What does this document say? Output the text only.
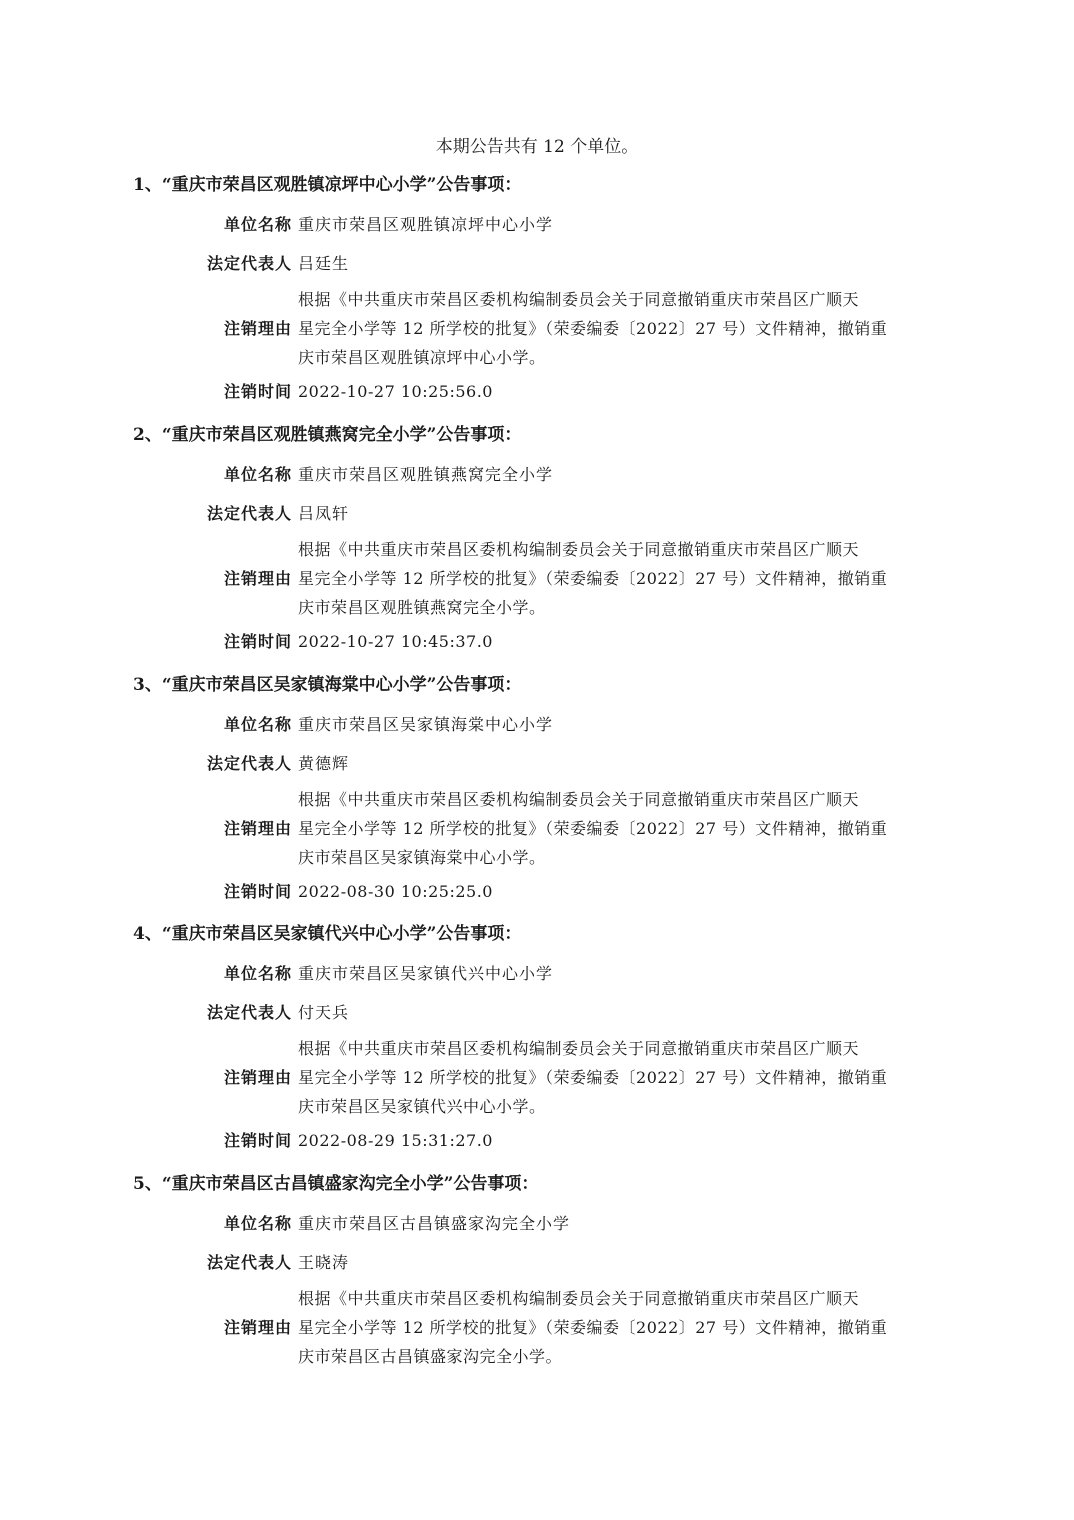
本期公告共有 12 个单位。
1、“重庆市荣昌区观胜镇凉坪中心小学”公告事项：
单位名称 重庆市荣昌区观胜镇凉坪中心小学
法定代表人 吕廷生
根据《中共重庆市荣昌区委机构编制委员会关于同意撤销重庆市荣昌区广顺天
星完全小学等 12 所学校的批复》（荣委编委〔2022〕27 号）文件精神，撤销重
庆市荣昌区观胜镇凉坪中心小学。
注销理由
注销时间 2022-10-27 10:25:56.0
2、“重庆市荣昌区观胜镇燕窝完全小学”公告事项：
单位名称 重庆市荣昌区观胜镇燕窝完全小学
法定代表人 吕凤轩
根据《中共重庆市荣昌区委机构编制委员会关于同意撤销重庆市荣昌区广顺天
星完全小学等 12 所学校的批复》（荣委编委〔2022〕27 号）文件精神，撤销重
庆市荣昌区观胜镇燕窝完全小学。
注销理由
注销时间 2022-10-27 10:45:37.0
3、“重庆市荣昌区吴家镇海棠中心小学”公告事项：
单位名称 重庆市荣昌区吴家镇海棠中心小学
法定代表人 黄德辉
根据《中共重庆市荣昌区委机构编制委员会关于同意撤销重庆市荣昌区广顺天
星完全小学等 12 所学校的批复》（荣委编委〔2022〕27 号）文件精神，撤销重
庆市荣昌区吴家镇海棠中心小学。
注销理由
注销时间 2022-08-30 10:25:25.0
4、“重庆市荣昌区吴家镇代兴中心小学”公告事项：
单位名称 重庆市荣昌区吴家镇代兴中心小学
法定代表人 付天兵
根据《中共重庆市荣昌区委机构编制委员会关于同意撤销重庆市荣昌区广顺天
星完全小学等 12 所学校的批复》（荣委编委〔2022〕27 号）文件精神，撤销重
庆市荣昌区吴家镇代兴中心小学。
注销理由
注销时间 2022-08-29 15:31:27.0
5、“重庆市荣昌区古昌镇盛家沟完全小学”公告事项：
单位名称 重庆市荣昌区古昌镇盛家沟完全小学
法定代表人 王晓涛
根据《中共重庆市荣昌区委机构编制委员会关于同意撤销重庆市荣昌区广顺天
星完全小学等 12 所学校的批复》（荣委编委〔2022〕27 号）文件精神，撤销重
庆市荣昌区古昌镇盛家沟完全小学。
注销理由
